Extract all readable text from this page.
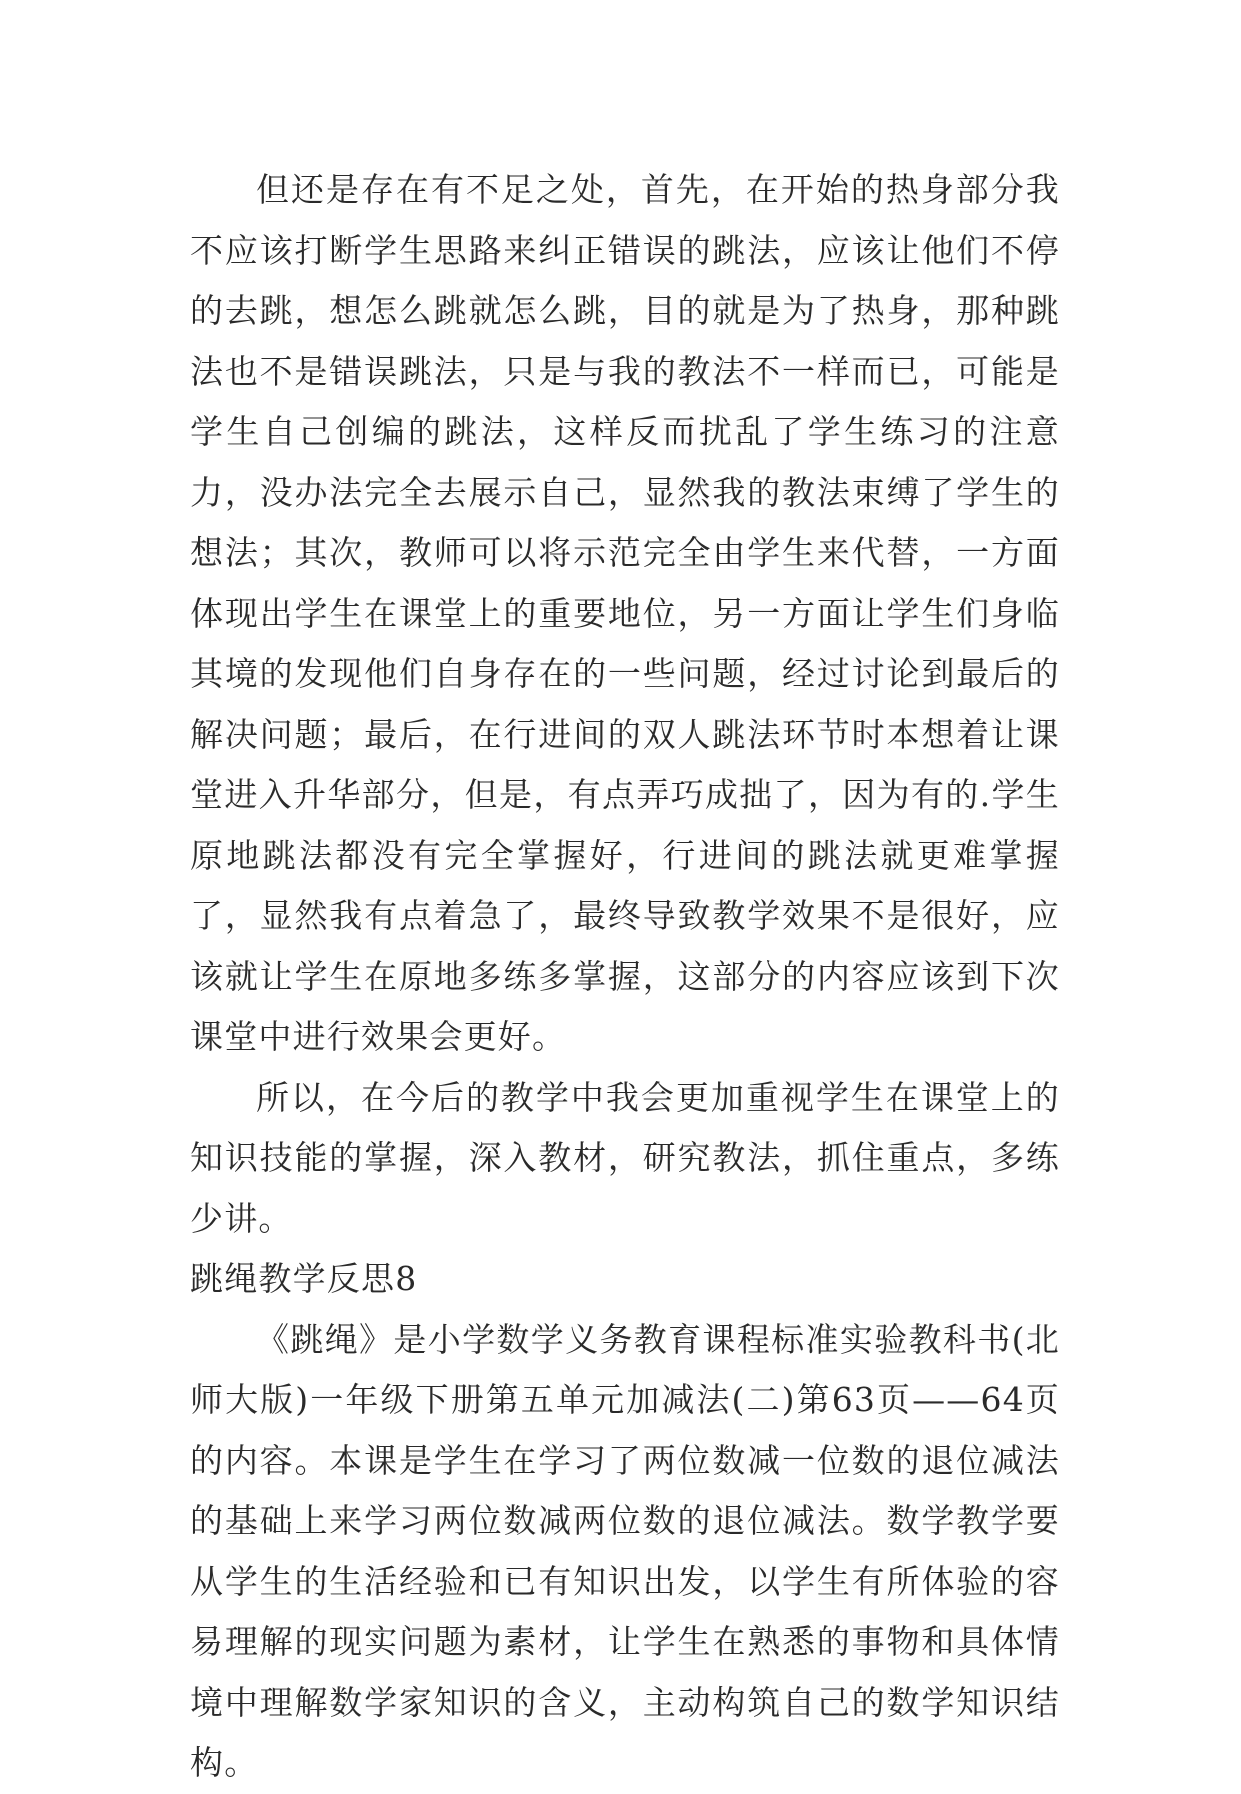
但还是存在有不足之处，首先，在开始的热身部分我不应该打断学生思路来纠正错误的跳法，应该让他们不停的去跳，想怎么跳就怎么跳，目的就是为了热身，那种跳法也不是错误跳法，只是与我的教法不一样而已，可能是学生自己创编的跳法，这样反而扰乱了学生练习的注意力，没办法完全去展示自己，显然我的教法束缚了学生的想法；其次，教师可以将示范完全由学生来代替，一方面体现出学生在课堂上的重要地位，另一方面让学生们身临其境的发现他们自身存在的一些问题，经过讨论到最后的解决问题；最后，在行进间的双人跳法环节时本想着让课堂进入升华部分，但是，有点弄巧成拙了，因为有的.学生原地跳法都没有完全掌握好，行进间的跳法就更难掌握了，显然我有点着急了，最终导致教学效果不是很好，应该就让学生在原地多练多掌握，这部分的内容应该到下次课堂中进行效果会更好。

所以，在今后的教学中我会更加重视学生在课堂上的知识技能的掌握，深入教材，研究教法，抓住重点，多练少讲。

跳绳教学反思8

《跳绳》是小学数学义务教育课程标准实验教科书(北师大版)一年级下册第五单元加减法(二)第63页——64页的内容。本课是学生在学习了两位数减一位数的退位减法的基础上来学习两位数减两位数的退位减法。数学教学要从学生的生活经验和已有知识出发，以学生有所体验的容易理解的现实问题为素材，让学生在熟悉的事物和具体情境中理解数学家知识的含义，主动构筑自己的数学知识结构。
